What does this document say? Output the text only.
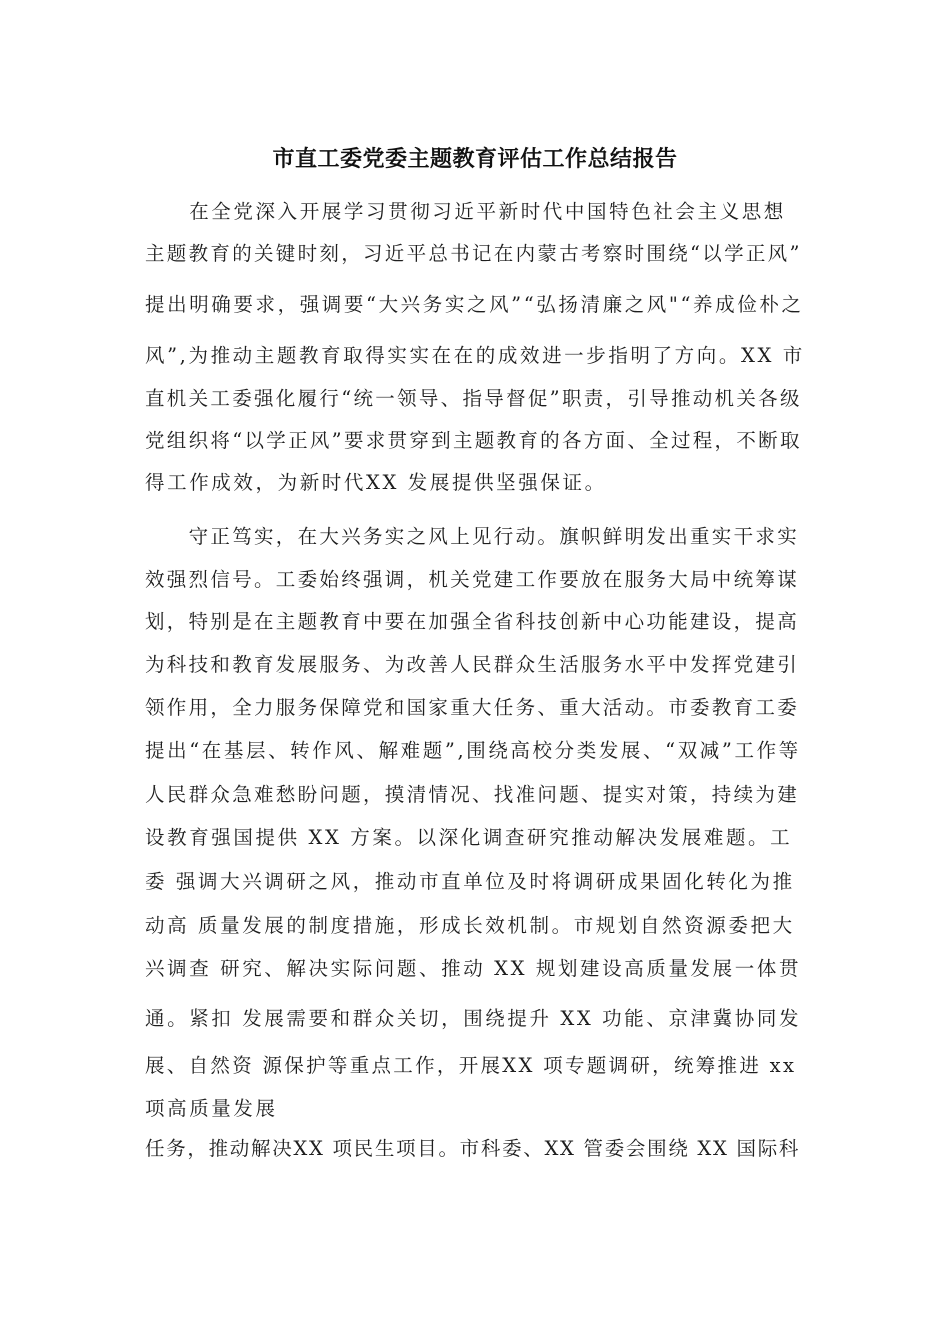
市直工委党委主题教育评估工作总结报告
　　在全党深入开展学习贯彻习近平新时代中国特色社会主义思想
主题教育的关键时刻，习近平总书记在内蒙古考察时围绕“以学正风”
提出明确要求，强调要“大兴务实之风”“弘扬清廉之风"“养成俭朴之
风”,为推动主题教育取得实实在在的成效进一步指明了方向。XX 市
直机关工委强化履行“统一领导、指导督促”职责，引导推动机关各级
党组织将“以学正风”要求贯穿到主题教育的各方面、全过程，不断取
得工作成效，为新时代XX 发展提供坚强保证。
　　守正笃实，在大兴务实之风上见行动。旗帜鲜明发出重实干求实
效强烈信号。工委始终强调，机关党建工作要放在服务大局中统筹谋
划，特别是在主题教育中要在加强全省科技创新中心功能建设，提高
为科技和教育发展服务、为改善人民群众生活服务水平中发挥党建引
领作用，全力服务保障党和国家重大任务、重大活动。市委教育工委
提出“在基层、转作风、解难题”,围绕高校分类发展、“双减”工作等
人民群众急难愁盼问题，摸清情况、找准问题、提实对策，持续为建
设教育强国提供 XX 方案。以深化调查研究推动解决发展难题。工
委 强调大兴调研之风，推动市直单位及时将调研成果固化转化为推
动高 质量发展的制度措施，形成长效机制。市规划自然资源委把大
兴调查 研究、解决实际问题、推动 XX 规划建设高质量发展一体贯
通。紧扣 发展需要和群众关切，围绕提升 XX 功能、京津冀协同发
展、自然资 源保护等重点工作，开展XX 项专题调研，统筹推进 xx
项高质量发展
任务，推动解决XX 项民生项目。市科委、XX 管委会围绕 XX 国际科
